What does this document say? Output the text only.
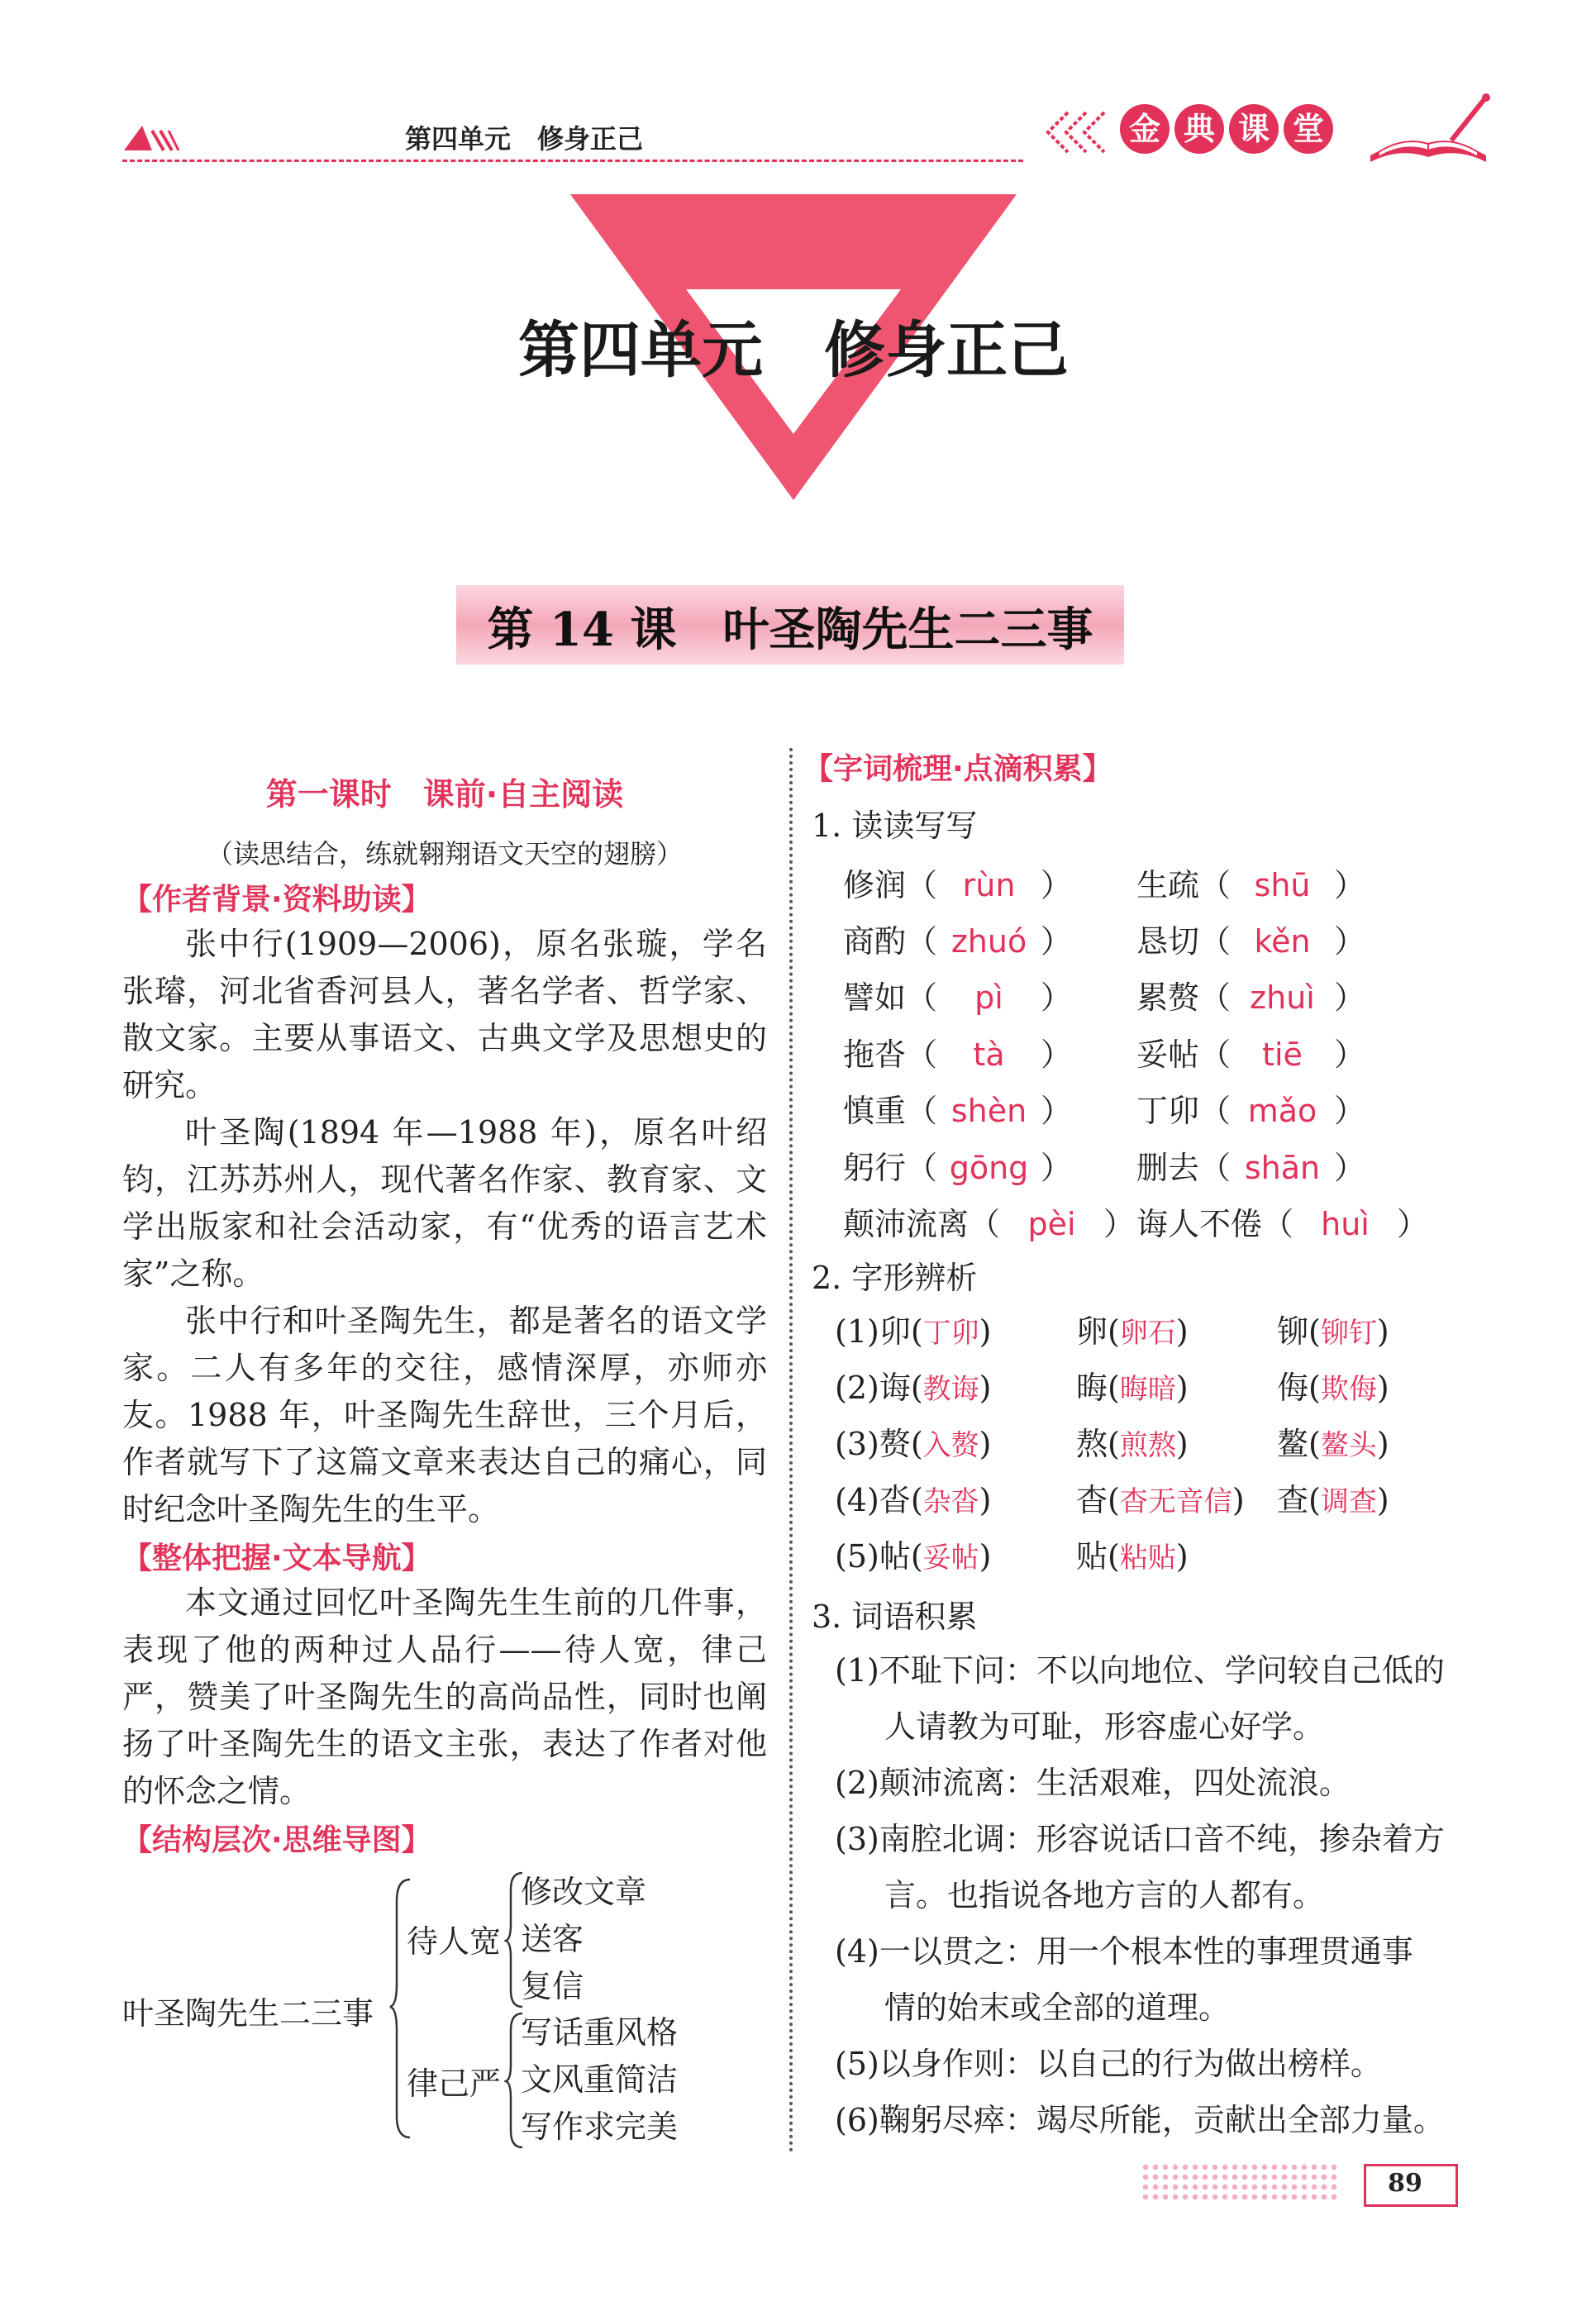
第四单元　修身正己	金 典 课 堂
第四单元　修身正己
第 14 课　叶圣陶先生二三事
第一课时　课前·自主阅读
（读思结合，练就翱翔语文天空的翅膀）
【作者背景·资料助读】
张中行(1909—2006)，原名张璇，学名张璿，河北省香河县人，著名学者、哲学家、散文家。主要从事语文、古典文学及思想史的研究。
叶圣陶(1894 年—1988 年)，原名叶绍钧，江苏苏州人，现代著名作家、教育家、文学出版家和社会活动家，有“优秀的语言艺术家”之称。
张中行和叶圣陶先生，都是著名的语文学家。二人有多年的交往，感情深厚，亦师亦友。1988 年，叶圣陶先生辞世，三个月后，作者就写下了这篇文章来表达自己的痛心，同时纪念叶圣陶先生的生平。
【整体把握·文本导航】
本文通过回忆叶圣陶先生生前的几件事，表现了他的两种过人品行——待人宽，律己严，赞美了叶圣陶先生的高尚品性，同时也阐扬了叶圣陶先生的语文主张，表达了作者对他的怀念之情。
【结构层次·思维导图】
叶圣陶先生二三事
待人宽
修改文章
送客
复信
律己严
写话重风格
文风重简洁
写作求完美
【字词梳理·点滴积累】
1. 读读写写
修润（ rùn ） 生疏（ shū ）
商酌（ zhuó ） 恳切（ kěn ）
譬如（ pì ） 累赘（ zhuì ）
拖沓（ tà ） 妥帖（ tiē ）
慎重（ shèn ） 丁卯（ mǎo ）
躬行（ gōng ） 删去（ shān ）
颠沛流离（ pèi ） 诲人不倦（ huì ）
2. 字形辨析
(1)卯(丁卯)	卵(卵石)	铆(铆钉)
(2)诲(教诲)	晦(晦暗)	侮(欺侮)
(3)赘(入赘)	熬(煎熬)	鳌(鳌头)
(4)沓(杂沓)	杳(杳无音信) 查(调查)
(5)帖(妥帖)	贴(粘贴)
3. 词语积累
(1)不耻下问：不以向地位、学问较自己低的
人请教为可耻，形容虚心好学。
(2)颠沛流离：生活艰难，四处流浪。
(3)南腔北调：形容说话口音不纯，掺杂着方
言。也指说各地方言的人都有。
(4)一以贯之：用一个根本性的事理贯通事
情的始末或全部的道理。
(5)以身作则：以自己的行为做出榜样。
(6)鞠躬尽瘁：竭尽所能，贡献出全部力量。
89
